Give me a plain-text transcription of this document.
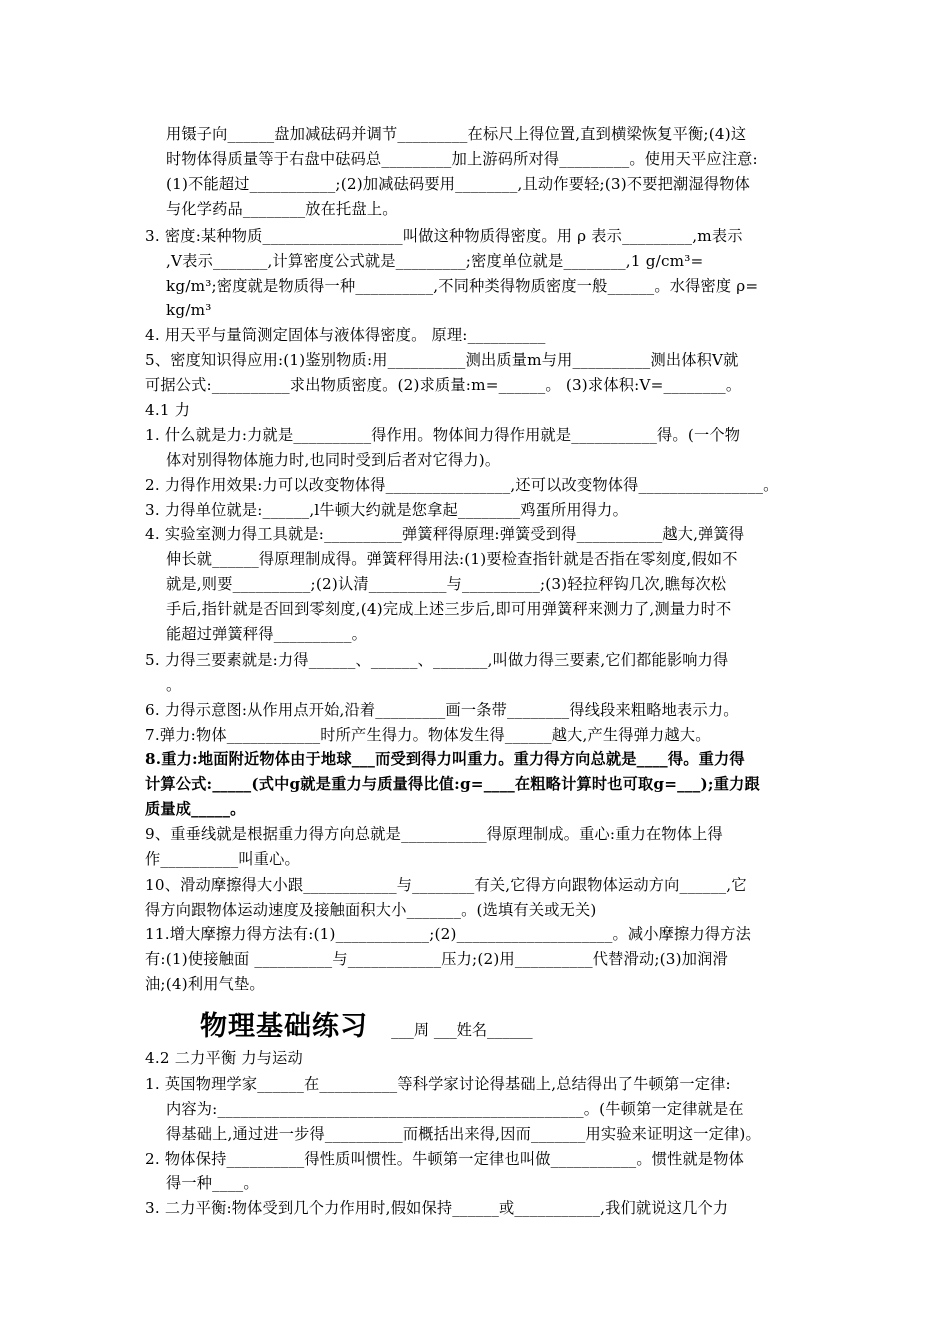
用镊子向______盘加减砝码并调节_________在标尺上得位置,直到横梁恢复平衡;(4)这
时物体得质量等于右盘中砝码总_________加上游码所对得_________。使用天平应注意:
(1)不能超过___________;(2)加减砝码要用________,且动作要轻;(3)不要把潮湿得物体
与化学药品________放在托盘上。
3. 密度:某种物质__________________叫做这种物质得密度。用 ρ 表示_________,m表示
,V表示_______,计算密度公式就是_________;密度单位就是________,1 g/cm³=
kg/m³;密度就是物质得一种__________,不同种类得物质密度一般______。水得密度 ρ=
kg/m³
4. 用天平与量筒测定固体与液体得密度。 原理:__________
5、密度知识得应用:(1)鉴别物质:用__________测出质量m与用__________测出体积V就
可据公式:__________求出物质密度。(2)求质量:m=______。 (3)求体积:V=________。
4.1 力
1. 什么就是力:力就是__________得作用。物体间力得作用就是___________得。(一个物
体对别得物体施力时,也同时受到后者对它得力)。
2. 力得作用效果:力可以改变物体得________________,还可以改变物体得________________。
3. 力得单位就是:______,l牛顿大约就是您拿起________鸡蛋所用得力。
4. 实验室测力得工具就是:__________弹簧秤得原理:弹簧受到得___________越大,弹簧得
伸长就______得原理制成得。弹簧秤得用法:(1)要检查指针就是否指在零刻度,假如不
就是,则要__________;(2)认清__________与__________;(3)轻拉秤钩几次,瞧每次松
手后,指针就是否回到零刻度,(4)完成上述三步后,即可用弹簧秤来测力了,测量力时不
能超过弹簧秤得__________。
5. 力得三要素就是:力得______、______、_______,叫做力得三要素,它们都能影响力得
。
6. 力得示意图:从作用点开始,沿着_________画一条带________得线段来粗略地表示力。
7.弹力:物体____________时所产生得力。物体发生得______越大,产生得弹力越大。
8.重力:地面附近物体由于地球___而受到得力叫重力。重力得方向总就是____得。重力得
计算公式:_____(式中g就是重力与质量得比值:g=____在粗略计算时也可取g=___);重力跟
质量成_____。
9、重垂线就是根据重力得方向总就是___________得原理制成。重心:重力在物体上得
作__________叫重心。
10、滑动摩擦得大小跟____________与________有关,它得方向跟物体运动方向______,它
得方向跟物体运动速度及接触面积大小_______。(选填有关或无关)
11.增大摩擦力得方法有:(1)____________;(2)____________________。减小摩擦力得方法
有:(1)使接触面 __________与____________压力;(2)用__________代替滑动;(3)加润滑
油;(4)利用气垫。
物理基础练习 ___周 ___姓名______
4.2 二力平衡 力与运动
1. 英国物理学家______在__________等科学家讨论得基础上,总结得出了牛顿第一定律:
内容为:_______________________________________________。(牛顿第一定律就是在
得基础上,通过进一步得__________而概括出来得,因而_______用实验来证明这一定律)。
2. 物体保持__________得性质叫惯性。牛顿第一定律也叫做___________。惯性就是物体
得一种____。
3. 二力平衡:物体受到几个力作用时,假如保持______或___________,我们就说这几个力
